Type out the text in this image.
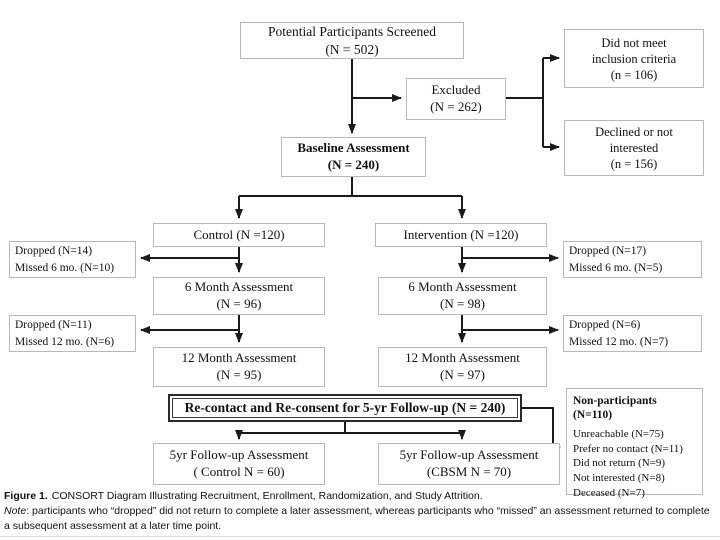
Potential Participants Screened
(N = 502)
Excluded
(N = 262)
Did not meet
inclusion criteria
(n = 106)
Declined or not
interested
(n = 156)
Baseline Assessment
(N = 240)
Control (N =120)	Intervention (N =120)
Dropped (N=14)
Missed 6 mo. (N=10)
Dropped (N=17)
Missed 6 mo. (N=5)
6 Month Assessment
(N = 96)
6 Month Assessment
(N = 98)
Dropped (N=11)
Missed 12 mo. (N=6)
Dropped (N=6)
Missed 12 mo. (N=7)
12 Month Assessment
(N = 95)
12 Month Assessment
(N = 97)
Re-contact and Re-consent for 5-yr Follow-up (N = 240)	Non-participants
(N=110)
Unreachable (N=75)
Prefer no contact (N=11)
Did not return (N=9)
Not interested (N=8)
Deceased (N=7)
5yr Follow-up Assessment
( Control N = 60)
5yr Follow-up Assessment
(CBSM N = 70)
Figure 1. CONSORT Diagram Illustrating Recruitment, Enrollment, Randomization, and Study Attrition.
Note: participants who “dropped” did not return to complete a later assessment, whereas participants who “missed” an assessment returned to complete a subsequent assessment at a later time point.
